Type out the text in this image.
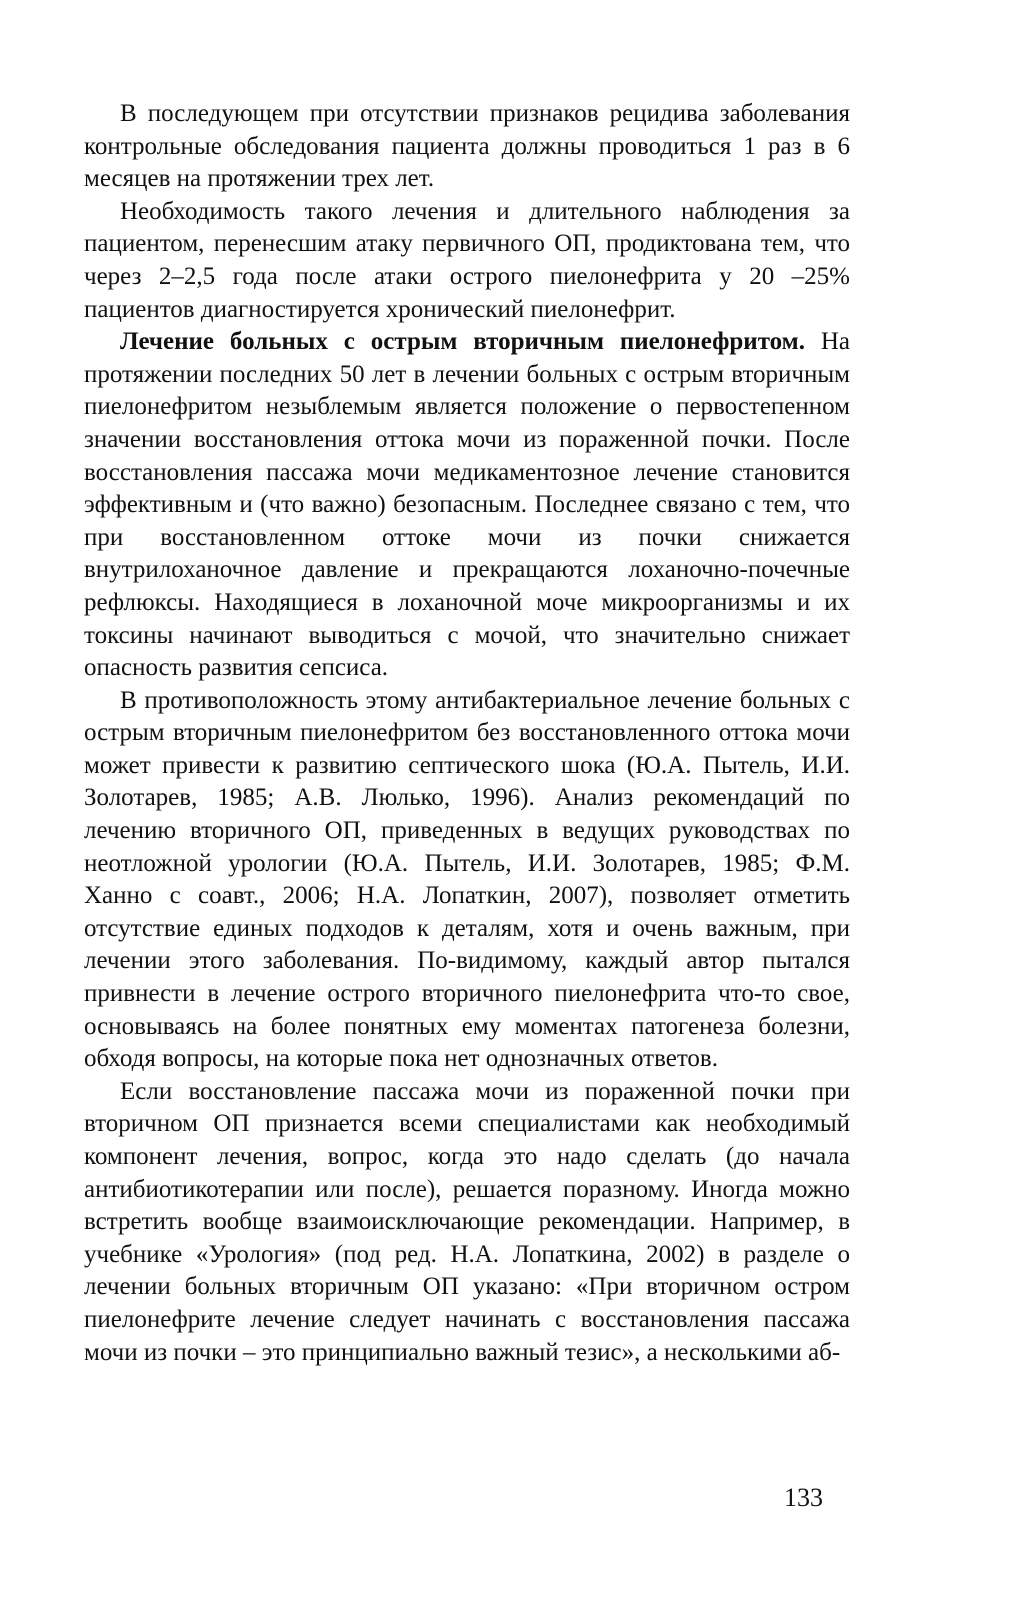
В последующем при отсутствии признаков рецидива заболевания контрольные обследования пациента должны проводиться 1 раз в 6 месяцев на протяжении трех лет.

Необходимость такого лечения и длительного наблюдения за пациентом, перенесшим атаку первичного ОП, продиктована тем, что через 2–2,5 года после атаки острого пиелонефрита у 20 –25% пациентов диагностируется хронический пиелонефрит.

Лечение больных с острым вторичным пиелонефритом. На протяжении последних 50 лет в лечении больных с острым вторичным пиелонефритом незыблемым является положение о первостепенном значении восстановления оттока мочи из пораженной почки. После восстановления пассажа мочи медикаментозное лечение становится эффективным и (что важно) безопасным. Последнее связано с тем, что при восстановленном оттоке мочи из почки снижается внутрилоханочное давление и прекращаются лоханочно-почечные рефлюксы. Находящиеся в лоханочной моче микроорганизмы и их токсины начинают выводиться с мочой, что значительно снижает опасность развития сепсиса.

В противоположность этому антибактериальное лечение больных с острым вторичным пиелонефритом без восстановленного оттока мочи может привести к развитию септического шока (Ю.А. Пытель, И.И. Золотарев, 1985; А.В. Люлько, 1996). Анализ рекомендаций по лечению вторичного ОП, приведенных в ведущих руководствах по неотложной урологии (Ю.А. Пытель, И.И. Золотарев, 1985; Ф.М. Ханно с соавт., 2006; Н.А. Лопаткин, 2007), позволяет отметить отсутствие единых подходов к деталям, хотя и очень важным, при лечении этого заболевания. По-видимому, каждый автор пытался привнести в лечение острого вторичного пиелонефрита что-то свое, основываясь на более понятных ему моментах патогенеза болезни, обходя вопросы, на которые пока нет однозначных ответов.

Если восстановление пассажа мочи из пораженной почки при вторичном ОП признается всеми специалистами как необходимый компонент лечения, вопрос, когда это надо сделать (до начала антибиотикотерапии или после), решается поразному. Иногда можно встретить вообще взаимоисключающие рекомендации. Например, в учебнике «Урология» (под ред. Н.А. Лопаткина, 2002) в разделе о лечении больных вторичным ОП указано: «При вторичном остром пиелонефрите лечение следует начинать с восстановления пассажа мочи из почки – это принципиально важный тезис», а несколькими аб-

133
